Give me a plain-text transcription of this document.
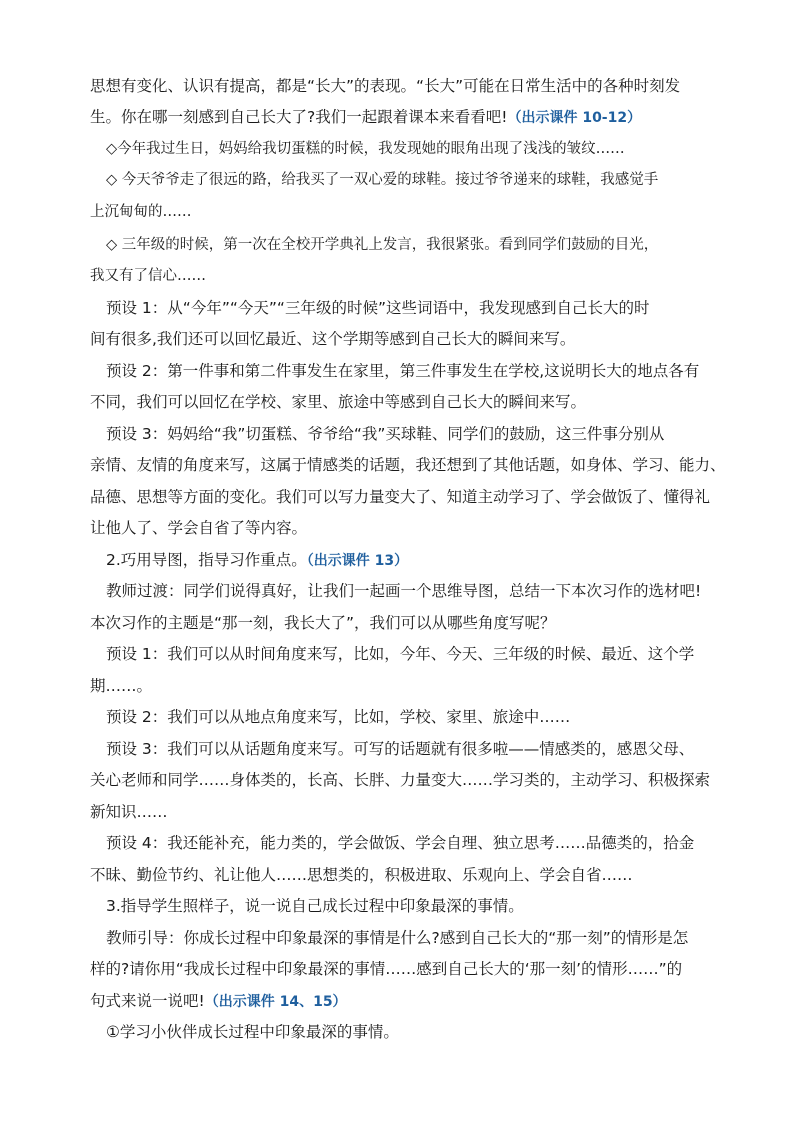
思想有变化、认识有提高，都是“长大”的表现。“长大”可能在日常生活中的各种时刻发
生。你在哪一刻感到自己长大了?我们一起跟着课本来看看吧!（出示课件 10-12）
◇今年我过生日，妈妈给我切蛋糕的时候，我发现她的眼角出现了浅浅的皱纹……
◇ 今天爷爷走了很远的路，给我买了一双心爱的球鞋。接过爷爷递来的球鞋，我感觉手
上沉甸甸的……
◇ 三年级的时候，第一次在全校开学典礼上发言，我很紧张。看到同学们鼓励的目光，
我又有了信心……
预设 1：从“今年”“今天”“三年级的时候”这些词语中，我发现感到自己长大的时
间有很多,我们还可以回忆最近、这个学期等感到自己长大的瞬间来写。
预设 2：第一件事和第二件事发生在家里，第三件事发生在学校,这说明长大的地点各有
不同，我们可以回忆在学校、家里、旅途中等感到自己长大的瞬间来写。
预设 3：妈妈给“我”切蛋糕、爷爷给“我”买球鞋、同学们的鼓励，这三件事分别从
亲情、友情的角度来写，这属于情感类的话题，我还想到了其他话题，如身体、学习、能力、
品德、思想等方面的变化。我们可以写力量变大了、知道主动学习了、学会做饭了、懂得礼
让他人了、学会自省了等内容。
2.巧用导图，指导习作重点。（出示课件 13）
教师过渡：同学们说得真好，让我们一起画一个思维导图，总结一下本次习作的选材吧!
本次习作的主题是“那一刻，我长大了”，我们可以从哪些角度写呢？
预设 1：我们可以从时间角度来写，比如，今年、今天、三年级的时候、最近、这个学
期……。
预设 2：我们可以从地点角度来写，比如，学校、家里、旅途中……
预设 3：我们可以从话题角度来写。可写的话题就有很多啦——情感类的，感恩父母、
关心老师和同学……身体类的，长高、长胖、力量变大……学习类的，主动学习、积极探索
新知识……
预设 4：我还能补充，能力类的，学会做饭、学会自理、独立思考……品德类的，拾金
不昧、勤俭节约、礼让他人……思想类的，积极进取、乐观向上、学会自省……
3.指导学生照样子，说一说自己成长过程中印象最深的事情。
教师引导：你成长过程中印象最深的事情是什么?感到自己长大的“那一刻”的情形是怎
样的?请你用“我成长过程中印象最深的事情……感到自己长大的‘那一刻’的情形……”的
句式来说一说吧!（出示课件 14、15）
①学习小伙伴成长过程中印象最深的事情。
